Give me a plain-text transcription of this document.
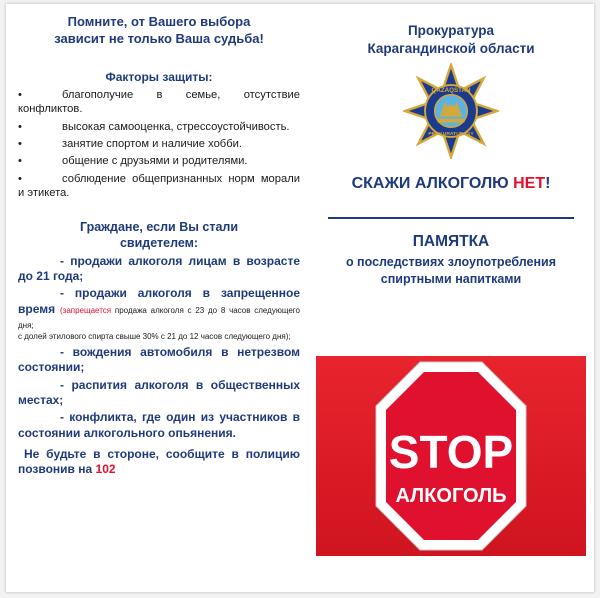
Помните, от Вашего выбора
зависит не только Ваша судьба!
Факторы защиты:
•	благополучие в семье, отсутствие конфликтов.
•	высокая самооценка, стрессоустойчивость.
•	занятие спортом и наличие хобби.
•	общение с друзьями и родителями.
•	соблюдение общепризнанных норм морали и этикета.
Граждане, если Вы стали
свидетелем:
- продажи алкоголя лицам в возрасте до 21 года;
- продажи алкоголя в запрещенное время (запрещается продажа алкоголя с 23 до 8 часов следующего дня;
с долей этилового спирта свыше 30% с 21 до 12 часов следующего дня);
- вождения автомобиля в нетрезвом состоянии;
- распития алкоголя в общественных местах;
- конфликта, где один из участников в состоянии алкогольного опьянения.
Не будьте в стороне, сообщите в полицию позвонив на 102
Прокуратура
Карагандинской области
QAZAQSTAN
PROKURATURASY
СКАЖИ АЛКОГОЛЮ НЕТ!
ПАМЯТКА
о последствиях злоупотребления
спиртными напитками
STOP
АЛКОГОЛЬ
